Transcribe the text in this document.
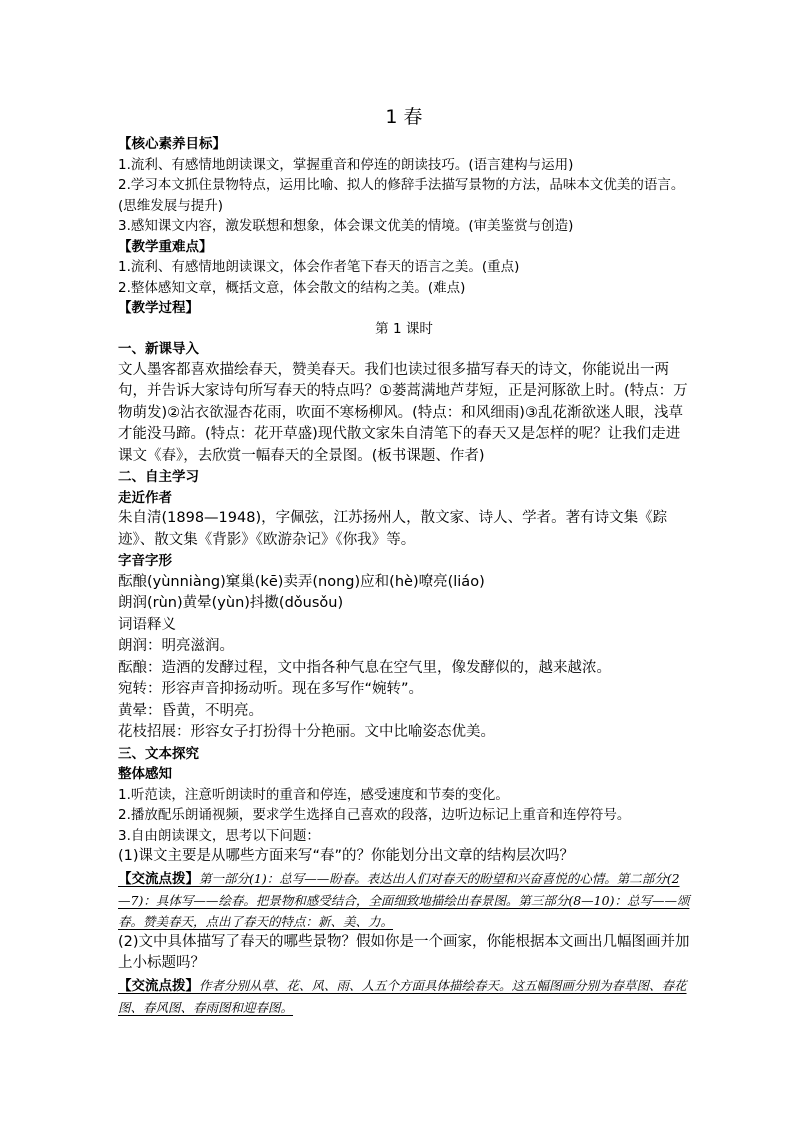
1 春
【核心素养目标】
1.流利、有感情地朗读课文，掌握重音和停连的朗读技巧。(语言建构与运用)
2.学习本文抓住景物特点，运用比喻、拟人的修辞手法描写景物的方法，品味本文优美的语言。(思维发展与提升)
3.感知课文内容，激发联想和想象，体会课文优美的情境。(审美鉴赏与创造)
【教学重难点】
1.流利、有感情地朗读课文，体会作者笔下春天的语言之美。(重点)
2.整体感知文章，概括文意，体会散文的结构之美。(难点)
【教学过程】
第 1 课时
一、新课导入
文人墨客都喜欢描绘春天，赞美春天。我们也读过很多描写春天的诗文，你能说出一两句，并告诉大家诗句所写春天的特点吗？①蒌蒿满地芦芽短，正是河豚欲上时。(特点：万物萌发)②沾衣欲湿杏花雨，吹面不寒杨柳风。(特点：和风细雨)③乱花渐欲迷人眼，浅草才能没马蹄。(特点：花开草盛)现代散文家朱自清笔下的春天又是怎样的呢？让我们走进课文《春》，去欣赏一幅春天的全景图。(板书课题、作者)
二、自主学习
走近作者
朱自清(1898—1948)，字佩弦，江苏扬州人，散文家、诗人、学者。著有诗文集《踪迹》、散文集《背影》《欧游杂记》《你我》等。
字音字形
酝酿(yùnniàng)窠巢(kē)卖弄(nong)应和(hè)嘹亮(liáo)
朗润(rùn)黄晕(yùn)抖擞(dǒusǒu)
词语释义
朗润：明亮滋润。
酝酿：造酒的发酵过程，文中指各种气息在空气里，像发酵似的，越来越浓。
宛转：形容声音抑扬动听。现在多写作“婉转”。
黄晕：昏黄，不明亮。
花枝招展：形容女子打扮得十分艳丽。文中比喻姿态优美。
三、文本探究
整体感知
1.听范读，注意听朗读时的重音和停连，感受速度和节奏的变化。
2.播放配乐朗诵视频，要求学生选择自己喜欢的段落，边听边标记上重音和连停符号。
3.自由朗读课文，思考以下问题：
(1)课文主要是从哪些方面来写“春”的？你能划分出文章的结构层次吗？
【交流点拨】第一部分(1)：总写——盼春。表达出人们对春天的盼望和兴奋喜悦的心情。第二部分(2—7)：具体写——绘春。把景物和感受结合，全面细致地描绘出春景图。第三部分(8—10)：总写——颂春。赞美春天，点出了春天的特点：新、美、力。
(2)文中具体描写了春天的哪些景物？假如你是一个画家，你能根据本文画出几幅图画并加上小标题吗？
【交流点拨】作者分别从草、花、风、雨、人五个方面具体描绘春天。这五幅图画分别为春草图、春花图、春风图、春雨图和迎春图。
